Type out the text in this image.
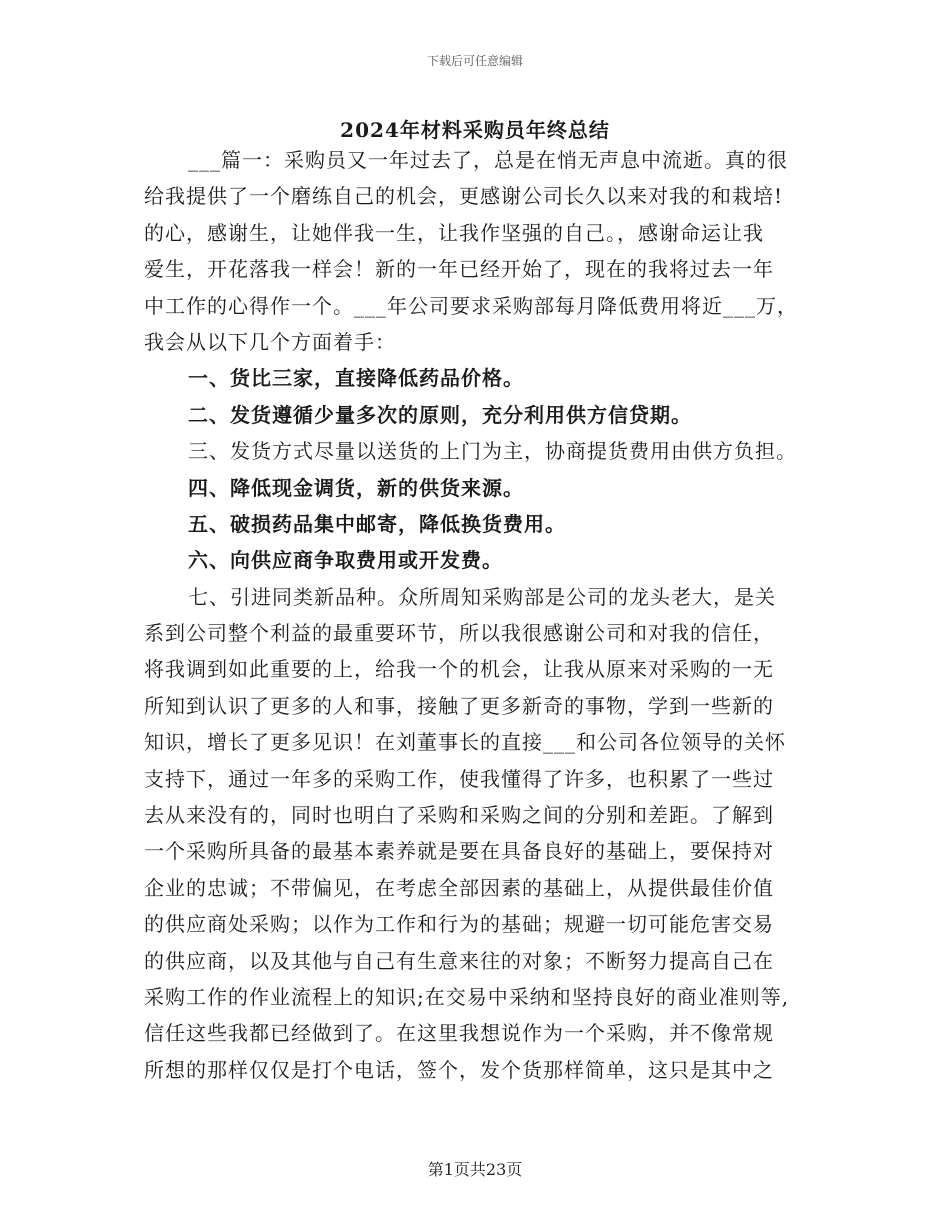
下载后可任意编辑
2024年材料采购员年终总结
___篇一：采购员又一年过去了，总是在悄无声息中流逝。真的很
给我提供了一个磨练自己的机会，更感谢公司长久以来对我的和栽培!
的心，感谢生，让她伴我一生，让我作坚强的自己。，感谢命运让我
爱生，开花落我一样会！新的一年已经开始了，现在的我将过去一年
中工作的心得作一个。___年公司要求采购部每月降低费用将近___万，
我会从以下几个方面着手：
一、货比三家，直接降低药品价格。
二、发货遵循少量多次的原则，充分利用供方信贷期。
三、发货方式尽量以送货的上门为主，协商提货费用由供方负担。
四、降低现金调货，新的供货来源。
五、破损药品集中邮寄，降低换货费用。
六、向供应商争取费用或开发费。
七、引进同类新品种。众所周知采购部是公司的龙头老大，是关
系到公司整个利益的最重要环节，所以我很感谢公司和对我的信任，
将我调到如此重要的上，给我一个的机会，让我从原来对采购的一无
所知到认识了更多的人和事，接触了更多新奇的事物，学到一些新的
知识，增长了更多见识！在刘董事长的直接___和公司各位领导的关怀
支持下，通过一年多的采购工作，使我懂得了许多，也积累了一些过
去从来没有的，同时也明白了采购和采购之间的分别和差距。了解到
一个采购所具备的最基本素养就是要在具备良好的基础上，要保持对
企业的忠诚；不带偏见，在考虑全部因素的基础上，从提供最佳价值
的供应商处采购；以作为工作和行为的基础；规避一切可能危害交易
的供应商，以及其他与自己有生意来往的对象；不断努力提高自己在
采购工作的作业流程上的知识;在交易中采纳和坚持良好的商业准则等,
信任这些我都已经做到了。在这里我想说作为一个采购，并不像常规
所想的那样仅仅是打个电话，签个，发个货那样简单，这只是其中之
第1页共23页
